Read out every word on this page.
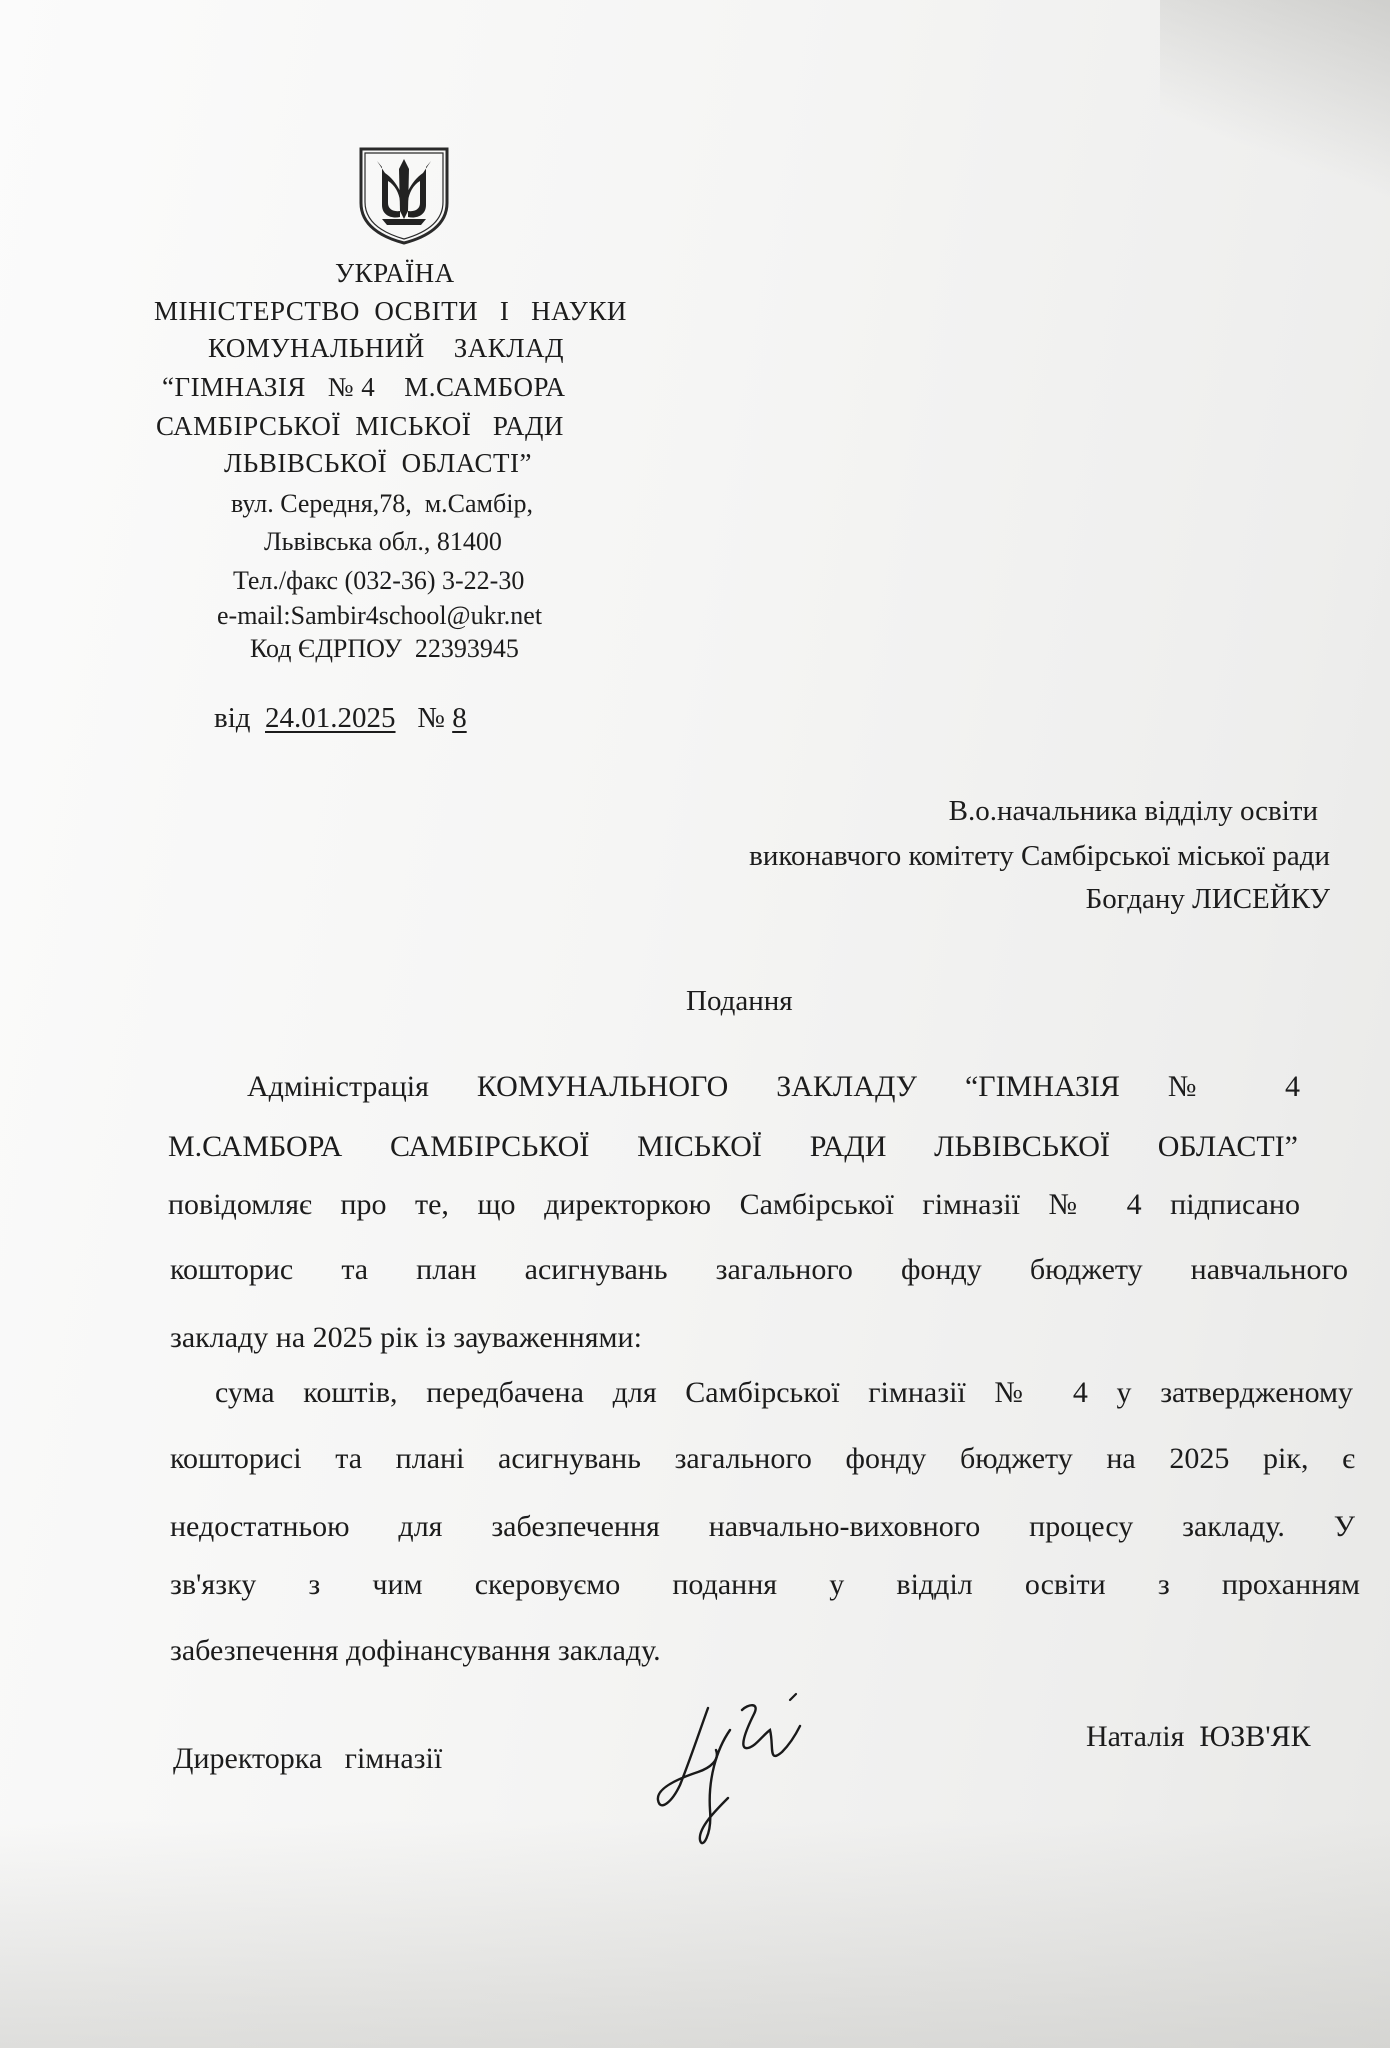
УКРАЇНА
МІНІСТЕРСТВО  ОСВІТИ   І   НАУКИ
КОМУНАЛЬНИЙ    ЗАКЛАД
“ГІМНАЗІЯ   № 4    М.САМБОРА
САМБІРСЬКОЇ  МІСЬКОЇ   РАДИ
ЛЬВІВСЬКОЇ  ОБЛАСТІ”
вул. Середня,78,  м.Самбір,
Львівська обл., 81400
Тел./факс (032-36) 3-22-30
e-mail:Sambir4school@ukr.net
Код ЄДРПОУ  22393945
від 24.01.2025 № 8
В.о.начальника відділу освіти
виконавчого комітету Самбірської міської ради
Богдану ЛИСЕЙКУ
Подання
Адміністрація КОМУНАЛЬНОГО ЗАКЛАДУ “ГІМНАЗІЯ № 4
М.САМБОРА САМБІРСЬКОЇ МІСЬКОЇ РАДИ ЛЬВІВСЬКОЇ ОБЛАСТІ”
повідомляє про те, що директоркою Самбірської гімназії № 4 підписано
кошторис та план асигнувань загального фонду бюджету навчального
закладу на 2025 рік із зауваженнями:
сума коштів, передбачена для Самбірської гімназії № 4 у затвердженому
кошторисі та плані асигнувань загального фонду бюджету на 2025 рік, є
недостатньою для забезпечення навчально-виховного процесу закладу. У
зв'язку з чим скеровуємо подання у відділ освіти з проханням
забезпечення дофінансування закладу.
Директорка   гімназії
Наталія  ЮЗВ'ЯК
